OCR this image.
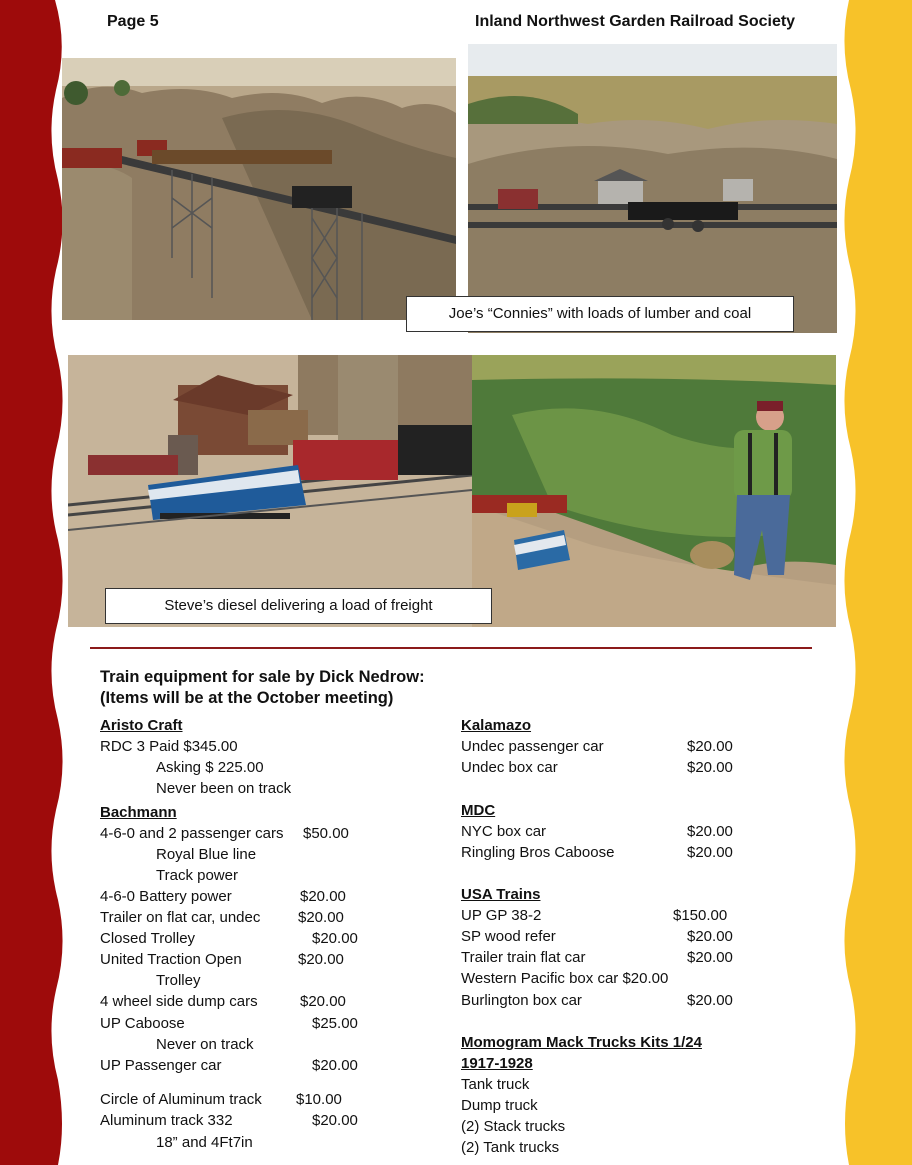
Page 5	Inland Northwest Garden Railroad Society
Joe’s “Connies” with loads of lumber and coal
Steve’s diesel delivering a load of freight
Train equipment for sale by Dick Nedrow:
(Items will be at the October meeting)
Aristo Craft
RDC 3 Paid $345.00
Asking $ 225.00
Never been on track
Bachmann
4-6-0 and 2 passenger cars $50.00
Royal Blue line
Track power
4-6-0 Battery power	$20.00
Trailer on flat car, undec	$20.00
Closed Trolley	$20.00
United Traction Open	$20.00
Trolley
4 wheel side dump cars	$20.00
UP Caboose	$25.00
Never on track
UP Passenger car	$20.00
Circle of Aluminum track $10.00
Aluminum track 332	$20.00
18” and 4Ft7in
Kalamazo
Undec passenger car	$20.00
Undec box car	$20.00
MDC
NYC box car	$20.00
Ringling Bros Caboose	$20.00
USA Trains
UP GP 38-2	$150.00
SP wood refer	$20.00
Trailer train flat car	$20.00
Western Pacific box car $20.00
Burlington box car	$20.00
Momogram Mack Trucks Kits 1/24
1917-1928
Tank truck
Dump truck
(2) Stack trucks
(2) Tank trucks
